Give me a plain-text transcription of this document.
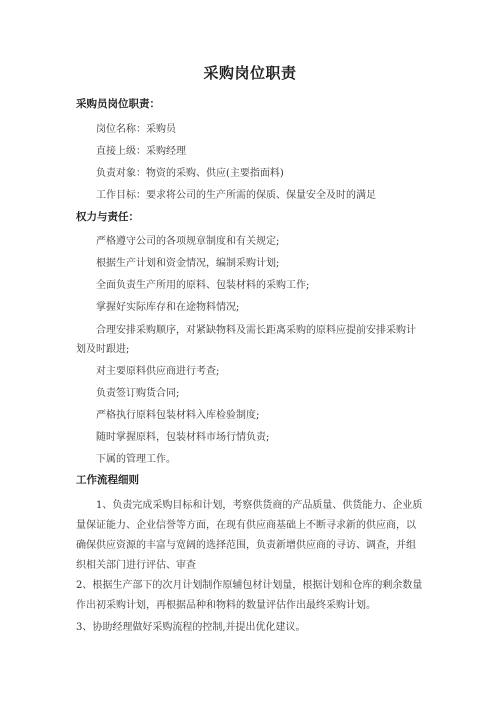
采购岗位职责
采购员岗位职责：
岗位名称：采购员
直接上级：采购经理
负责对象：物资的采购、供应(主要指面料)
工作目标：要求将公司的生产所需的保质、保量安全及时的满足
权力与责任：
严格遵守公司的各项规章制度和有关规定;
根据生产计划和资金情况，编制采购计划;
全面负责生产所用的原料、包装材料的采购工作;
掌握好实际库存和在途物料情况;
合理安排采购顺序，对紧缺物料及需长距离采购的原料应提前安排采购计
划及时跟进;
对主要原料供应商进行考查;
负责签订购货合同;
严格执行原料包装材料入库检验制度;
随时掌握原料，包装材料市场行情负责;
下属的管理工作。
工作流程细则
1、负责完成采购目标和计划，考察供货商的产品质量、供货能力、企业质
量保证能力、企业信誉等方面，在现有供应商基础上不断寻求新的供应商，以
确保供应资源的丰富与宽阔的选择范围，负责新增供应商的寻访、调查，并组
织相关部门进行评估、审查
2、根据生产部下的次月计划制作原辅包材计划量，根据计划和仓库的剩余数量
作出初采购计划，再根据品种和物料的数量评估作出最终采购计划。
3、协助经理做好采购流程的控制,并提出优化建议。
